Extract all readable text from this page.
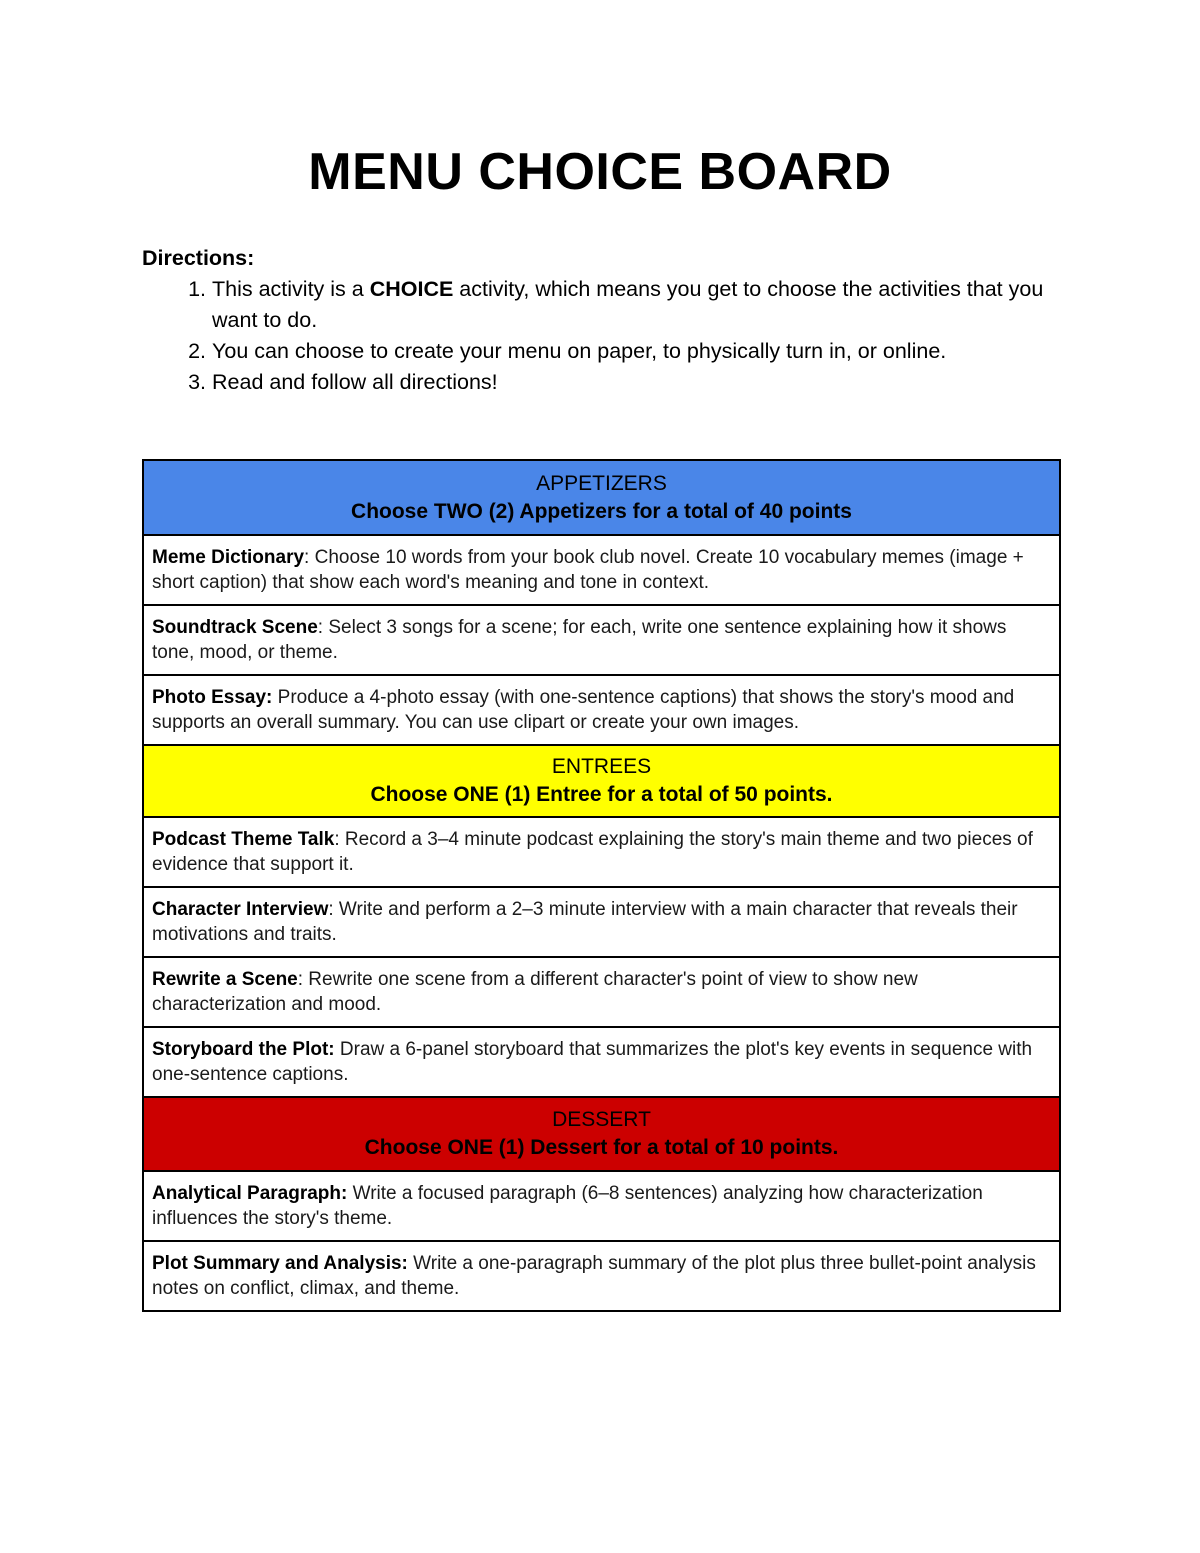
MENU CHOICE BOARD
Directions:
1. This activity is a CHOICE activity, which means you get to choose the activities that you want to do.
2. You can choose to create your menu on paper, to physically turn in, or online.
3. Read and follow all directions!
APPETIZERS
Choose TWO (2) Appetizers for a total of 40 points

Meme Dictionary: Choose 10 words from your book club novel. Create 10 vocabulary memes (image + short caption) that show each word's meaning and tone in context.
Soundtrack Scene: Select 3 songs for a scene; for each, write one sentence explaining how it shows tone, mood, or theme.
Photo Essay: Produce a 4-photo essay (with one-sentence captions) that shows the story's mood and supports an overall summary. You can use clipart or create your own images.

ENTREES
Choose ONE (1) Entree for a total of 50 points.

Podcast Theme Talk: Record a 3–4 minute podcast explaining the story's main theme and two pieces of evidence that support it.
Character Interview: Write and perform a 2–3 minute interview with a main character that reveals their motivations and traits.
Rewrite a Scene: Rewrite one scene from a different character's point of view to show new characterization and mood.
Storyboard the Plot: Draw a 6-panel storyboard that summarizes the plot's key events in sequence with one-sentence captions.

DESSERT
Choose ONE (1) Dessert for a total of 10 points.

Analytical Paragraph: Write a focused paragraph (6–8 sentences) analyzing how characterization influences the story's theme.
Plot Summary and Analysis: Write a one-paragraph summary of the plot plus three bullet-point analysis notes on conflict, climax, and theme.
